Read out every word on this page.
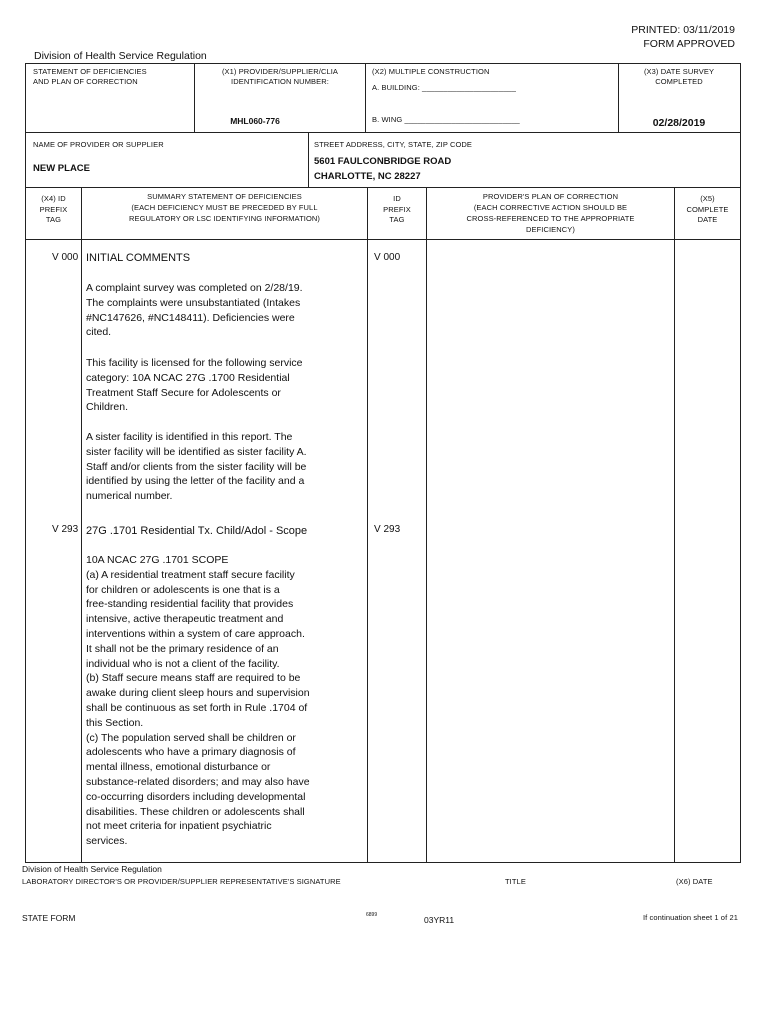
PRINTED: 03/11/2019
FORM APPROVED
Division of Health Service Regulation
STATEMENT OF DEFICIENCIES
AND PLAN OF CORRECTION
(X1) PROVIDER/SUPPLIER/CLIA
IDENTIFICATION NUMBER:
MHL060-776
(X2) MULTIPLE CONSTRUCTION
A. BUILDING: ______________________
B. WING ___________________________
(X3) DATE SURVEY
COMPLETED
02/28/2019
NAME OF PROVIDER OR SUPPLIER
NEW PLACE
STREET ADDRESS, CITY, STATE, ZIP CODE
5601 FAULCONBRIDGE ROAD
CHARLOTTE, NC 28227
(X4) ID
PREFIX
TAG
SUMMARY STATEMENT OF DEFICIENCIES
(EACH DEFICIENCY MUST BE PRECEDED BY FULL
REGULATORY OR LSC IDENTIFYING INFORMATION)
ID
PREFIX
TAG
PROVIDER'S PLAN OF CORRECTION
(EACH CORRECTIVE ACTION SHOULD BE
CROSS-REFERENCED TO THE APPROPRIATE
DEFICIENCY)
(X5)
COMPLETE
DATE
V 000	V 000
INITIAL COMMENTS
A complaint survey was completed on 2/28/19.
The complaints were unsubstantiated (Intakes
#NC147626, #NC148411). Deficiencies were
cited.
This facility is licensed for the following service
category: 10A NCAC 27G .1700 Residential
Treatment Staff Secure for Adolescents or
Children.
A sister facility is identified in this report. The
sister facility will be identified as sister facility A.
Staff and/or clients from the sister facility will be
identified by using the letter of the facility and a
numerical number.
V 293	V 293
27G .1701 Residential Tx. Child/Adol - Scope
10A NCAC 27G .1701 SCOPE
(a) A residential treatment staff secure facility
for children or adolescents is one that is a
free-standing residential facility that provides
intensive, active therapeutic treatment and
interventions within a system of care approach.
It shall not be the primary residence of an
individual who is not a client of the facility.
(b) Staff secure means staff are required to be
awake during client sleep hours and supervision
shall be continuous as set forth in Rule .1704 of
this Section.
(c) The population served shall be children or
adolescents who have a primary diagnosis of
mental illness, emotional disturbance or
substance-related disorders; and may also have
co-occurring disorders including developmental
disabilities. These children or adolescents shall
not meet criteria for inpatient psychiatric
services.
Division of Health Service Regulation
LABORATORY DIRECTOR'S OR PROVIDER/SUPPLIER REPRESENTATIVE'S SIGNATURE	TITLE	(X6) DATE
STATE FORM	6899	03YR11	If continuation sheet 1 of 21
